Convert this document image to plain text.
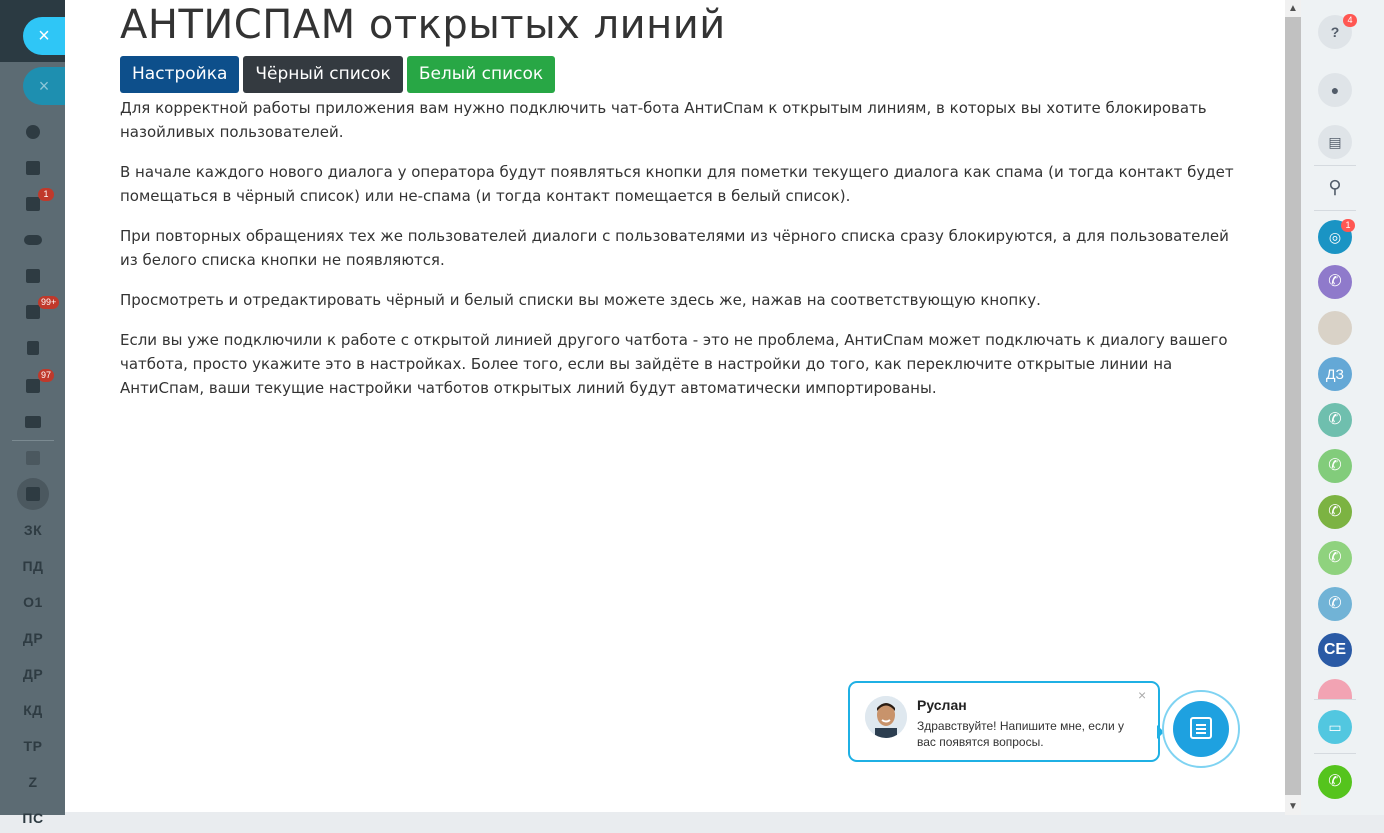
×
×
1
99+
97
ЗК
ПД
О1
ДР
ДР
КД
ТР
Z
ПС
АНТИСПАМ открытых линий
Настройка	Чёрный список	Белый список

Для корректной работы приложения вам нужно подключить чат-бота АнтиСпам к открытым линиям, в которых вы хотите блокировать назойливых пользователей.

В начале каждого нового диалога у оператора будут появляться кнопки для пометки текущего диалога как спама (и тогда контакт будет помещаться в чёрный список) или не-спама (и тогда контакт помещается в белый список).

При повторных обращениях тех же пользователей диалоги с пользователями из чёрного списка сразу блокируются, а для пользователей из белого списка кнопки не появляются.

Просмотреть и отредактировать чёрный и белый списки вы можете здесь же, нажав на соответствующую кнопку.

Если вы уже подключили к работе с открытой линией другого чатбота - это не проблема, АнтиСпам может подключать к диалогу вашего чатбота, просто укажите это в настройках. Более того, если вы зайдёте в настройки до того, как переключите открытые линии на АнтиСпам, ваши текущие настройки чатботов открытых линий будут автоматически импортированы.

▲
▼
?
4
●
▤
⚲
◎
1
✆
ДЗ
✆
✆
✆
✆
✆
СЕ
▭
✆
Руслан
Здравствуйте! Напишите мне, если у вас появятся вопросы.
×
